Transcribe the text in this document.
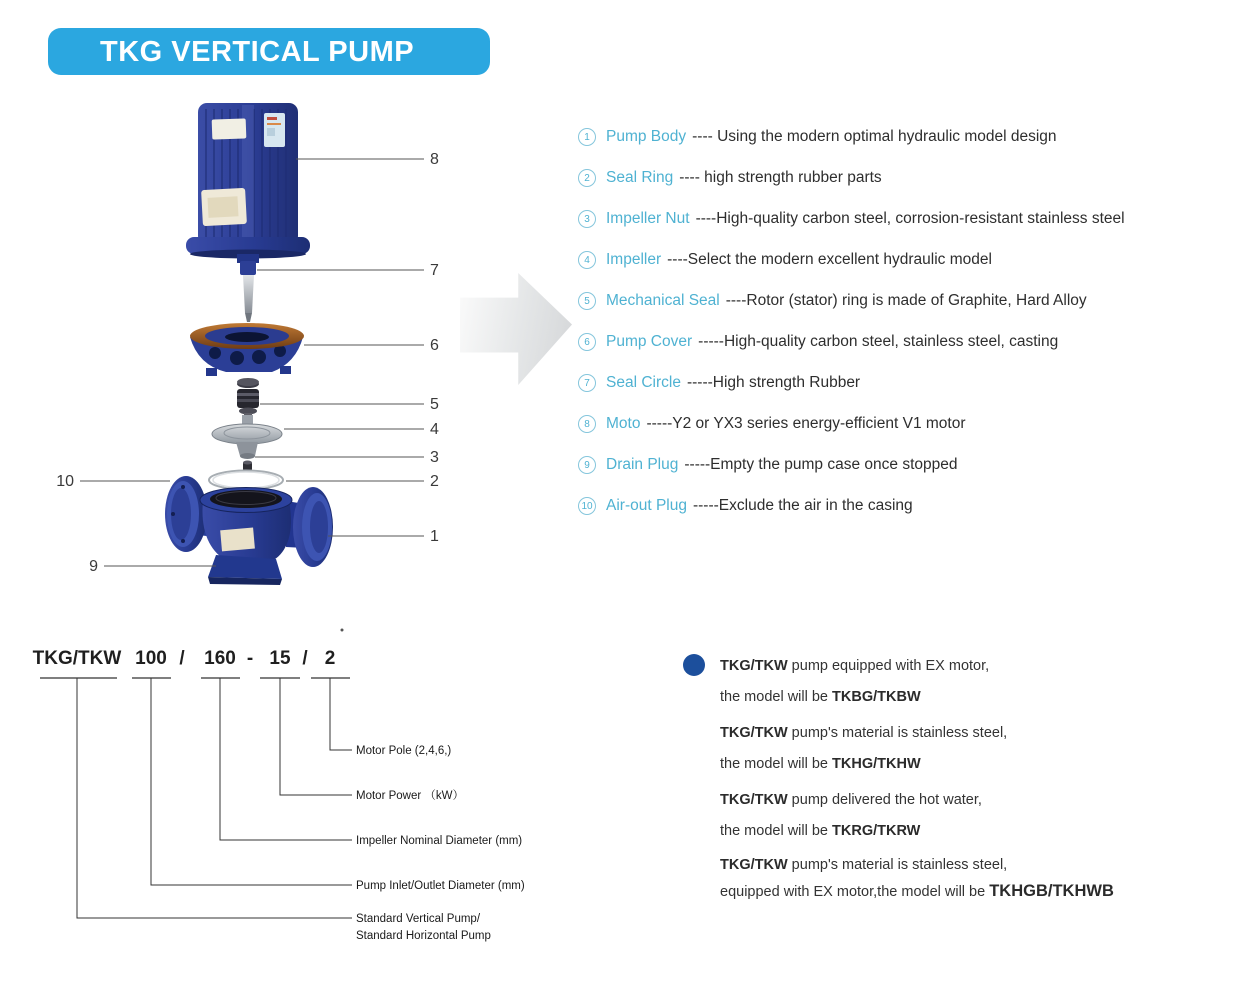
TKG VERTICAL PUMP
8
7
6
5
4
3
2
1
10
9
1	Pump Body ---- Using the modern optimal hydraulic model design
2	Seal Ring ---- high strength rubber parts
3	Impeller Nut ----High-quality carbon steel, corrosion-resistant stainless steel
4	Impeller ----Select the modern excellent hydraulic model
5	Mechanical Seal ----Rotor (stator) ring is made of Graphite, Hard Alloy
6	Pump Cover -----High-quality carbon steel, stainless steel, casting
7	Seal Circle -----High strength Rubber
8	Moto -----Y2 or YX3 series energy-efficient V1 motor
9	Drain Plug -----Empty the pump case once stopped
10 Air-out Plug -----Exclude the air in the casing
TKG/TKW 100 / 160 - 15 / 2
Motor Pole (2,4,6,)
Motor Power （kW）
Impeller Nominal Diameter (mm)
Pump Inlet/Outlet Diameter (mm)
Standard Vertical Pump/
Standard Horizontal Pump
TKG/TKW pump equipped with EX motor,
the model will be TKBG/TKBW
TKG/TKW pump's material is stainless steel,
the model will be TKHG/TKHW
TKG/TKW pump delivered the hot water,
the model will be TKRG/TKRW
TKG/TKW pump's material is stainless steel,
equipped with EX motor,the model will be TKHGB/TKHWB
